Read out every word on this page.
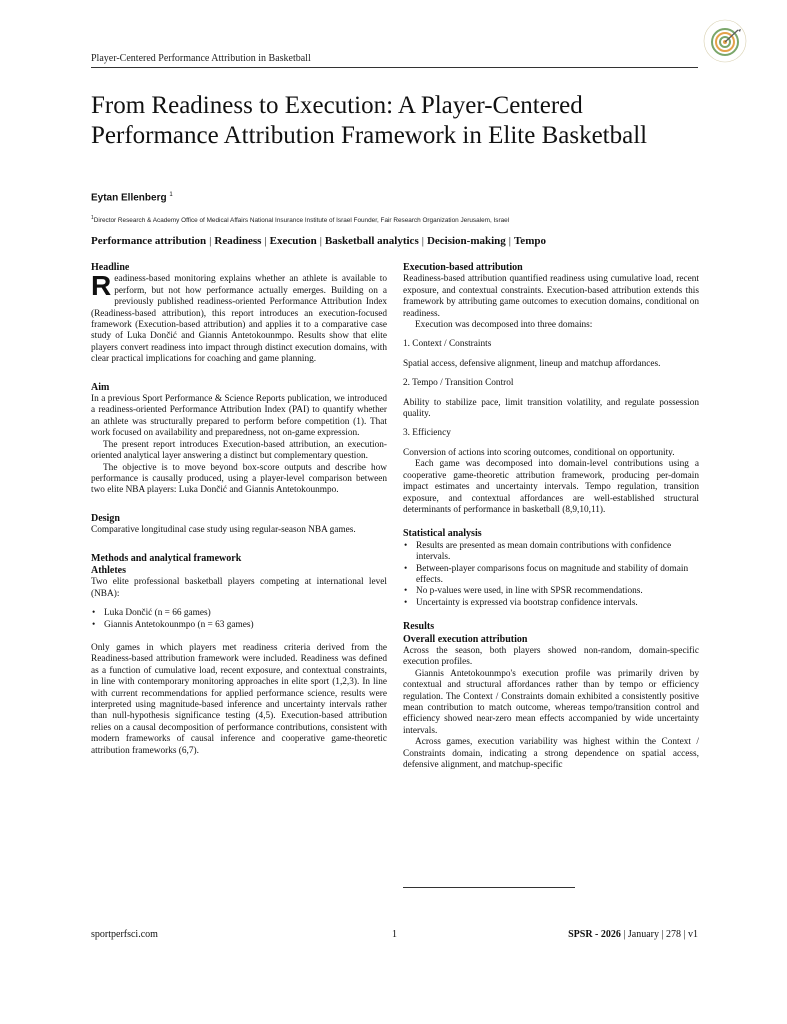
Player-Centered Performance Attribution in Basketball
From Readiness to Execution: A Player-Centered Performance Attribution Framework in Elite Basketball
Eytan Ellenberg $^1$
$^1$Director Research & Academy Office of Medical Affairs National Insurance Institute of Israel Founder, Fair Research Organization Jerusalem, Israel
Performance attribution | Readiness | Execution | Basketball analytics | Decision-making | Tempo
Headline

Readiness-based monitoring explains whether an athlete is available to perform, but not how performance actually emerges. Building on a previously published readiness-oriented Performance Attribution Index (Readiness-based attribution), this report introduces an execution-focused framework (Execution-based attribution) and applies it to a comparative case study of Luka Dončić and Giannis Antetokounmpo. Results show that elite players convert readiness into impact through distinct execution domains, with clear practical implications for coaching and game planning.

Aim

In a previous Sport Performance & Science Reports publication, we introduced a readiness-oriented Performance Attribution Index (PAI) to quantify whether an athlete was structurally prepared to perform before competition (1). That work focused on availability and preparedness, not on-game expression.

The present report introduces Execution-based attribution, an execution-oriented analytical layer answering a distinct but complementary question.

The objective is to move beyond box-score outputs and describe how performance is causally produced, using a player-level comparison between two elite NBA players: Luka Dončić and Giannis Antetokounmpo.

Design

Comparative longitudinal case study using regular-season NBA games.

Methods and analytical framework
Athletes

Two elite professional basketball players competing at international level (NBA):

• Luka Dončić (n = 66 games)
• Giannis Antetokounmpo (n = 63 games)

Only games in which players met readiness criteria derived from the Readiness-based attribution framework were included. Readiness was defined as a function of cumulative load, recent exposure, and contextual constraints, in line with contemporary monitoring approaches in elite sport (1,2,3). In line with current recommendations for applied performance science, results were interpreted using magnitude-based inference and uncertainty intervals rather than null-hypothesis significance testing (4,5). Execution-based attribution relies on a causal decomposition of performance contributions, consistent with modern frameworks of causal inference and cooperative game-theoretic attribution frameworks (6,7).

Execution-based attribution

Readiness-based attribution quantified readiness using cumulative load, recent exposure, and contextual constraints. Execution-based attribution extends this framework by attributing game outcomes to execution domains, conditional on readiness.

Execution was decomposed into three domains:

1. Context / Constraints

Spatial access, defensive alignment, lineup and matchup affordances.

2. Tempo / Transition Control

Ability to stabilize pace, limit transition volatility, and regulate possession quality.

3. Efficiency

Conversion of actions into scoring outcomes, conditional on opportunity.

Each game was decomposed into domain-level contributions using a cooperative game-theoretic attribution framework, producing per-domain impact estimates and uncertainty intervals. Tempo regulation, transition exposure, and contextual affordances are well-established structural determinants of performance in basketball (8,9,10,11).

Statistical analysis
• Results are presented as mean domain contributions with confidence intervals.
• Between-player comparisons focus on magnitude and stability of domain effects.
• No p-values were used, in line with SPSR recommendations.
• Uncertainty is expressed via bootstrap confidence intervals.
Results
Overall execution attribution

Across the season, both players showed non-random, domain-specific execution profiles.

Giannis Antetokounmpo's execution profile was primarily driven by contextual and structural affordances rather than by tempo or efficiency regulation. The Context / Constraints domain exhibited a consistently positive mean contribution to match outcome, whereas tempo/transition control and efficiency showed near-zero mean effects accompanied by wide uncertainty intervals.

Across games, execution variability was highest within the Context / Constraints domain, indicating a strong dependence on spatial access, defensive alignment, and matchup-specific

sportperfsci.com	1	SPSR - 2026 | January | 278 | v1
